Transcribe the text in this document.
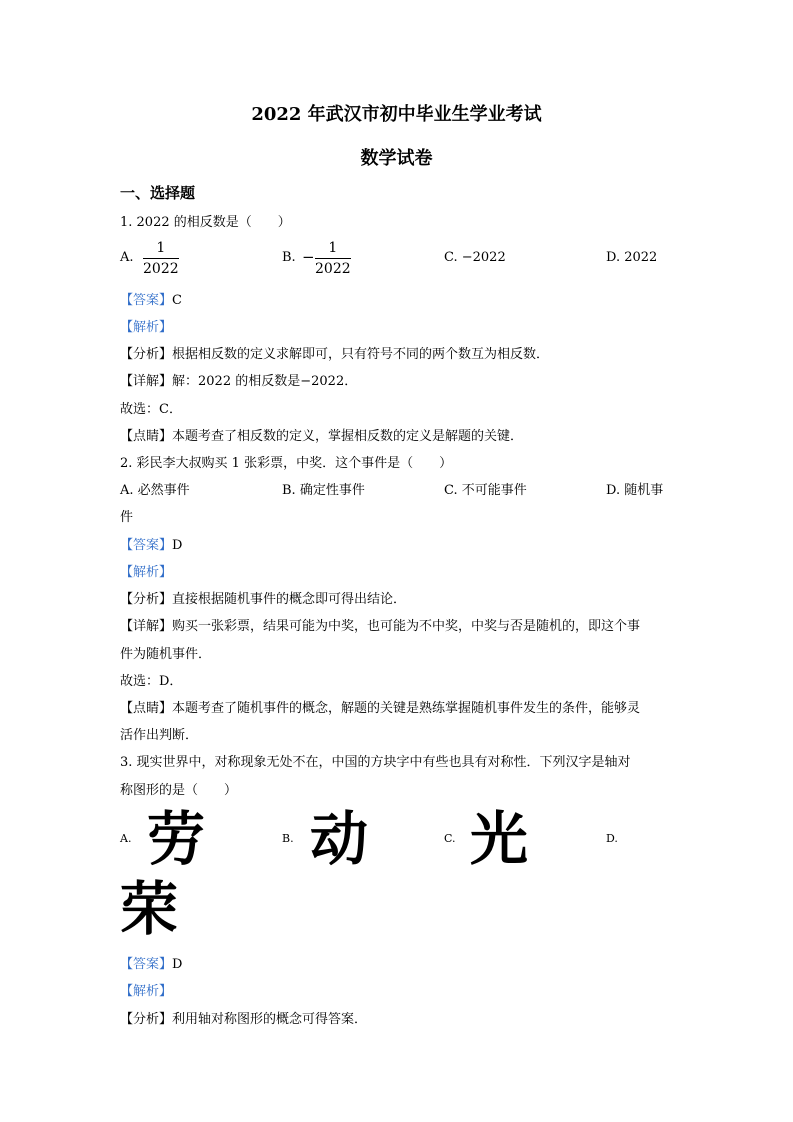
2022 年武汉市初中毕业生学业考试
数学试卷
一、选择题
1. 2022 的相反数是（　　）
A.
1
2022
B. − 1
2022
C. −2022	D. 2022
【答案】C
【解析】
【分析】根据相反数的定义求解即可，只有符号不同的两个数互为相反数．
【详解】解：2022 的相反数是−2022．
故选：C．
【点睛】本题考查了相反数的定义，掌握相反数的定义是解题的关键．
2. 彩民李大叔购买 1 张彩票，中奖．这个事件是（　　）
A. 必然事件	B. 确定性事件	C. 不可能事件	D. 随机事
件
【答案】D
【解析】
【分析】直接根据随机事件的概念即可得出结论．
【详解】购买一张彩票，结果可能为中奖，也可能为不中奖，中奖与否是随机的，即这个事
件为随机事件．
故选：D．
【点睛】本题考查了随机事件的概念，解题的关键是熟练掌握随机事件发生的条件，能够灵
活作出判断．
3. 现实世界中，对称现象无处不在，中国的方块字中有些也具有对称性．下列汉字是轴对
称图形的是（　　）
A. 劳	B. 动	C. 光	D.
荣
【答案】D
【解析】
【分析】利用轴对称图形的概念可得答案．
